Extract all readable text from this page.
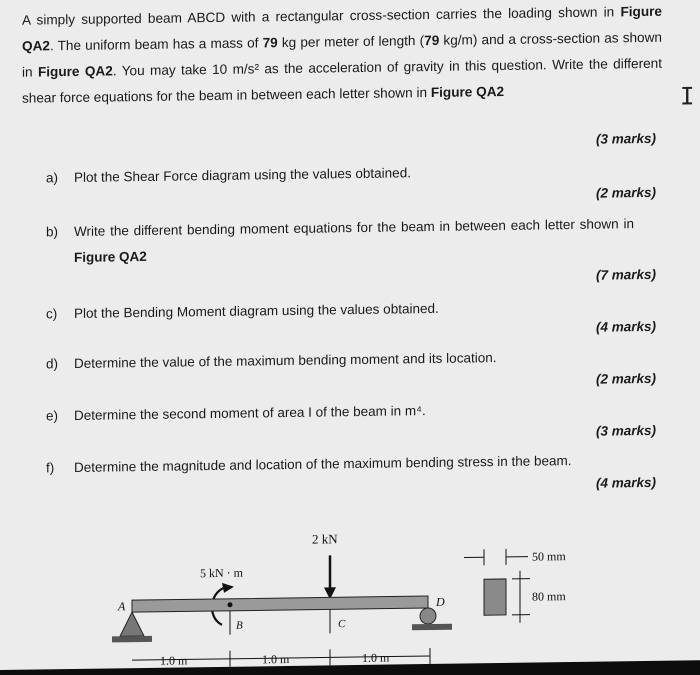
A simply supported beam ABCD with a rectangular cross-section carries the loading shown in Figure QA2. The uniform beam has a mass of 79 kg per meter of length (79 kg/m) and a cross-section as shown in Figure QA2. You may take 10 m/s² as the acceleration of gravity in this question. Write the different shear force equations for the beam in between each letter shown in Figure QA2	I
(3 marks)
a) Plot the Shear Force diagram using the values obtained.
(2 marks)
b) Write the different bending moment equations for the beam in between each letter shown in Figure QA2
(7 marks)
c) Plot the Bending Moment diagram using the values obtained.
(4 marks)
d) Determine the value of the maximum bending moment and its location.
(2 marks)
e) Determine the second moment of area I of the beam in m⁴.
(3 marks)
f) Determine the magnitude and location of the maximum bending stress in the beam.
(4 marks)
2 kN
5 kN · m
A
B	C
D
50 mm
80 mm
1.0 m	1.0 m	1.0 m
